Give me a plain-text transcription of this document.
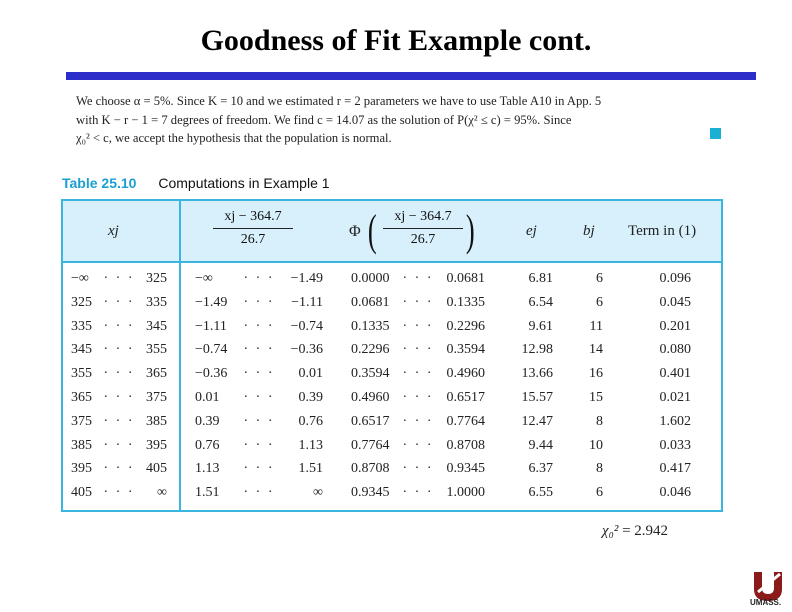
Goodness of Fit Example cont.
We choose α = 5%. Since K = 10 and we estimated r = 2 parameters we have to use Table A10 in App. 5
with K − r − 1 = 7 degrees of freedom. We find c = 14.07 as the solution of P(χ² ≤ c) = 95%. Since
χ₀² < c, we accept the hypothesis that the population is normal.
Table 25.10 Computations in Example 1
xj
xj − 364.7
26.7	Φ (	xj − 364.7
26.7 )	ej	bj Term in (1)
−∞ · · · 325 −∞ · · · −1.49 0.0000 · · · 0.0681	6.81	6	0.096
325 · · · 335 −1.49 · · · −1.11 0.0681 · · · 0.1335	6.54	6	0.045
335 · · · 345 −1.11 · · · −0.74 0.1335 · · · 0.2296	9.61	11	0.201
345 · · · 355 −0.74 · · · −0.36 0.2296 · · · 0.3594	12.98	14	0.080
355 · · · 365 −0.36 · · · 0.01 0.3594 · · · 0.4960	13.66	16	0.401
365 · · · 375 0.01 · · · 0.39 0.4960 · · · 0.6517	15.57	15	0.021
375 · · · 385 0.39 · · · 0.76 0.6517 · · · 0.7764	12.47	8	1.602
385 · · · 395 0.76 · · · 1.13 0.7764 · · · 0.8708	9.44	10	0.033
395 · · · 405 1.13 · · · 1.51 0.8708 · · · 0.9345	6.37	8	0.417
405 · · · ∞ 1.51 · · ·	∞ 0.9345 · · · 1.0000	6.55	6	0.046
χ₀² = 2.942
UMASS.
